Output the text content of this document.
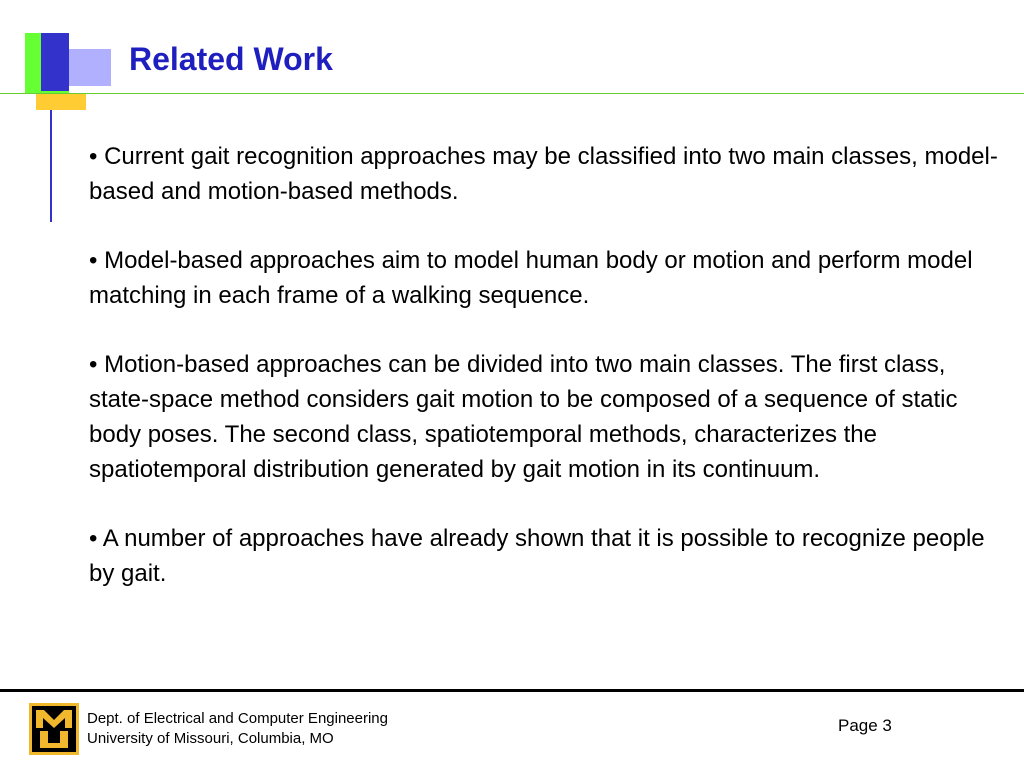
Related Work

• Current gait recognition approaches may be classified into two main classes, model-based and motion-based methods.

• Model-based approaches aim to model human body or motion and perform model matching in each frame of a walking sequence.

• Motion-based approaches can be divided into two main classes. The first class, state-space method considers gait motion to be composed of a sequence of static body poses. The second class, spatiotemporal methods, characterizes the spatiotemporal distribution generated by gait motion in its continuum.

• A number of approaches have already shown that it is possible to recognize people by gait.

Dept. of Electrical and Computer Engineering
University of Missouri, Columbia, MO
Page 3
